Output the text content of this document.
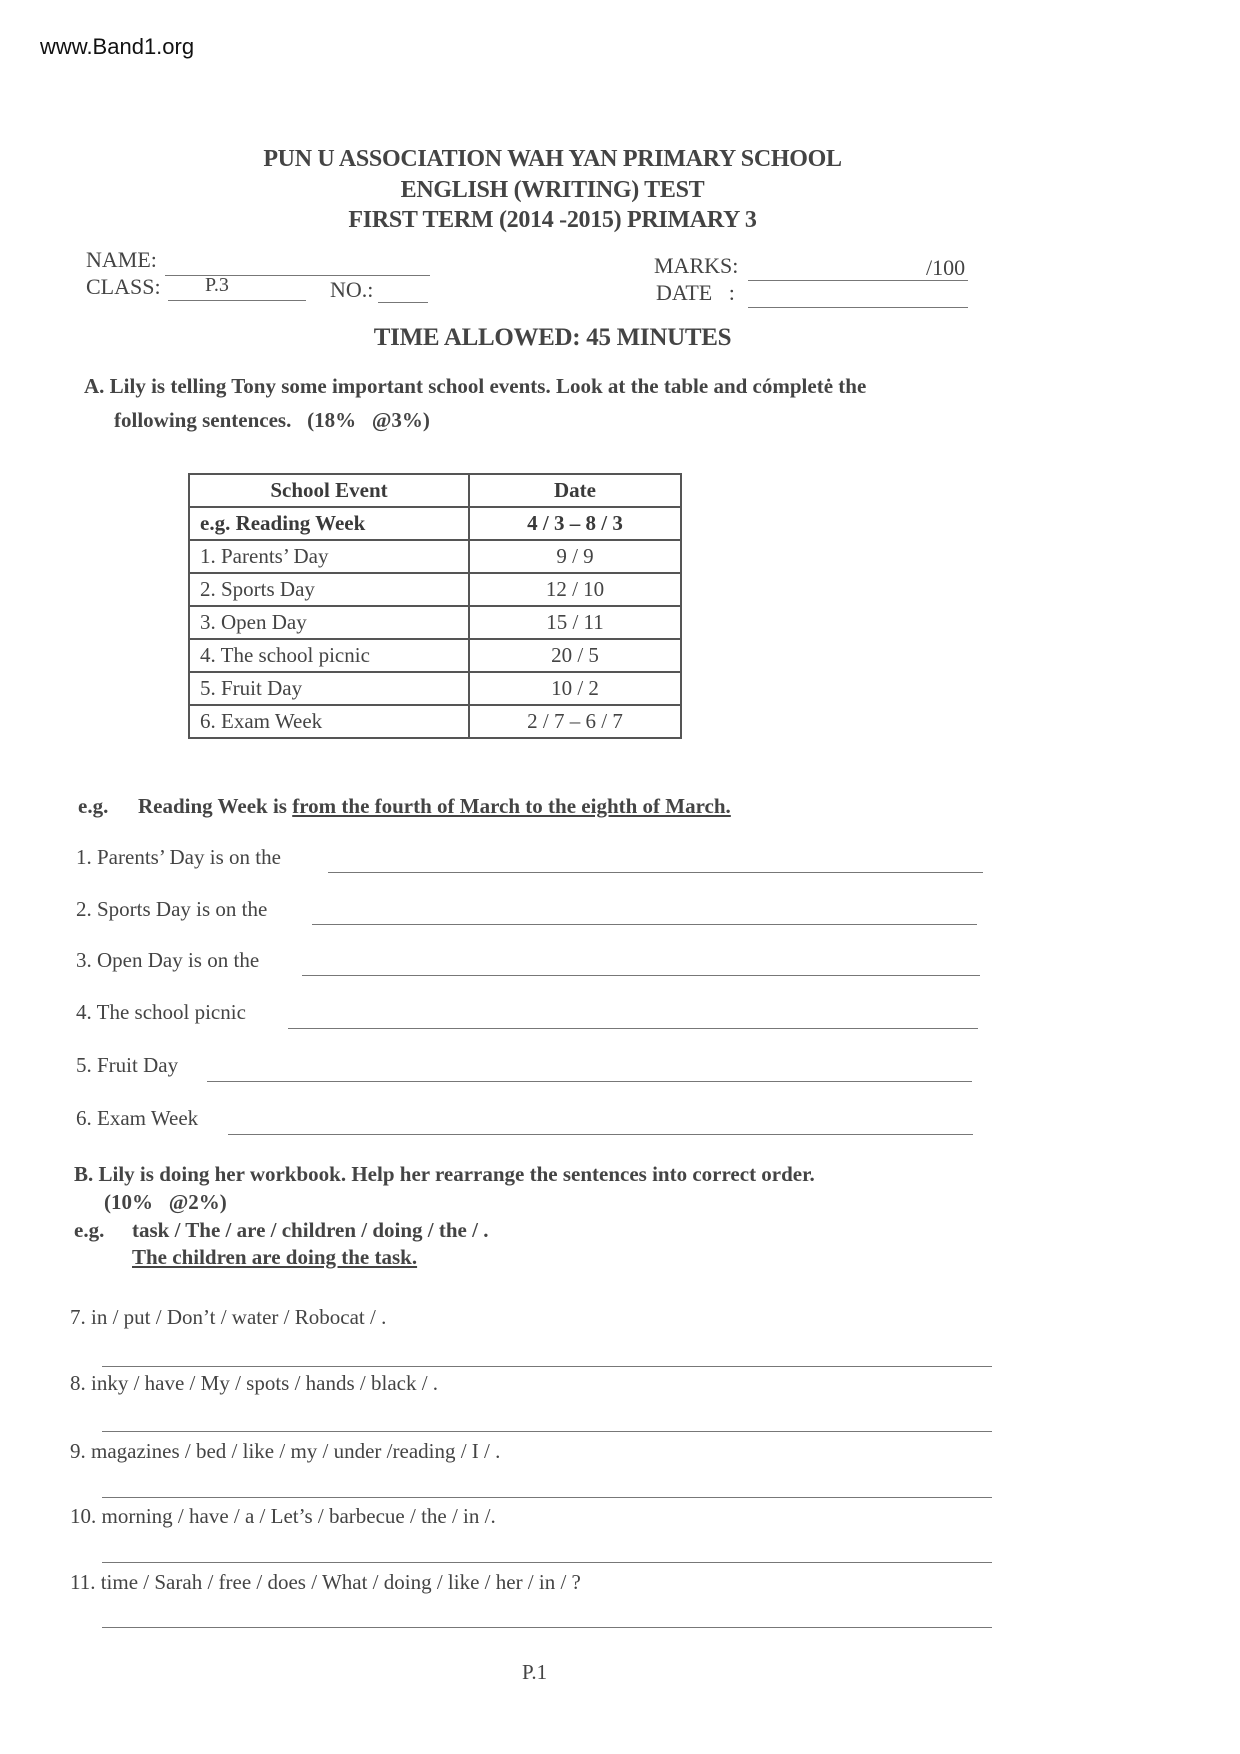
www.Band1.org
PUN U ASSOCIATION WAH YAN PRIMARY SCHOOL
ENGLISH (WRITING) TEST
FIRST TERM (2014 -2015) PRIMARY 3
NAME:
CLASS: P.3	NO.:
MARKS:	/100
DATE   :
TIME ALLOWED: 45 MINUTES
A. Lily is telling Tony some important school events. Look at the table and cómpletė the
following sentences.   (18%   @3%)
School Event	Date
e.g. Reading Week	4 / 3 – 8 / 3
1. Parents’ Day	9 / 9
2. Sports Day	12 / 10
3. Open Day	15 / 11
4. The school picnic	20 / 5
5. Fruit Day	10 / 2
6. Exam Week	2 / 7 – 6 / 7
e.g. Reading Week is from the fourth of March to the eighth of March.
1. Parents’ Day is on the
2. Sports Day is on the
3. Open Day is on the
4. The school picnic
5. Fruit Day
6. Exam Week
B. Lily is doing her workbook. Help her rearrange the sentences into correct order.
(10%   @2%)
e.g. task / The / are / children / doing / the / .
The children are doing the task.
7. in / put / Don’t / water / Robocat / .
8. inky / have / My / spots / hands / black / .
9. magazines / bed / like / my / under /reading / I / .
10. morning / have / a / Let’s / barbecue / the / in /.
11. time / Sarah / free / does / What / doing / like / her / in / ?
P.1
